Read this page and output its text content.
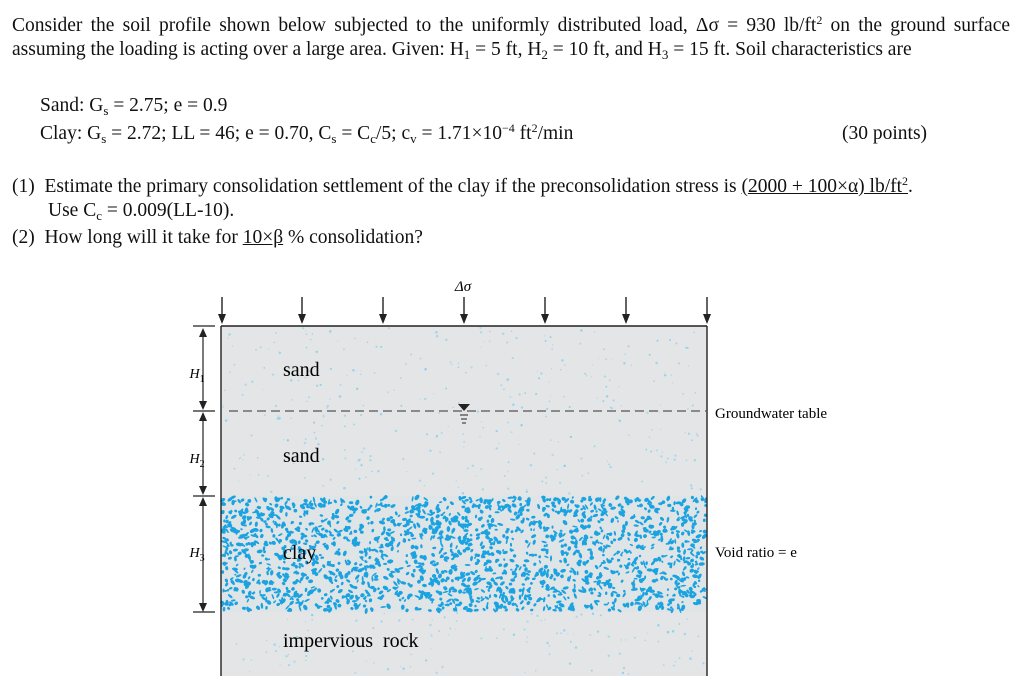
Consider the soil profile shown below subjected to the uniformly distributed load, Δσ = 930 $lb/ft^2$ on the ground surface assuming the loading is acting over a large area. Given: $H_1 = 5$ ft, $H_2 = 10$ ft, and $H_3 = 15$ ft. Soil characteristics are
Sand: $G_s = 2.75$; e = 0.9
Clay: $G_s = 2.72$; LL = 46; e = 0.70, $C_s = C_c/5$; $c_v = 1.71\times 10^{-4}$ $ft^2/\min$	(30 points)
(1) Estimate the primary consolidation settlement of the clay if the preconsolidation stress is (2000 + 100×α) $lb/ft^2$.
Use $C_c = 0.009(LL-10)$.
(2) How long will it take for 10×β % consolidation?
Δσ
sand
sand
clay
impervious  rock
Groundwater table
Void ratio = e
$H_1$
$H_2$
$H_3$
